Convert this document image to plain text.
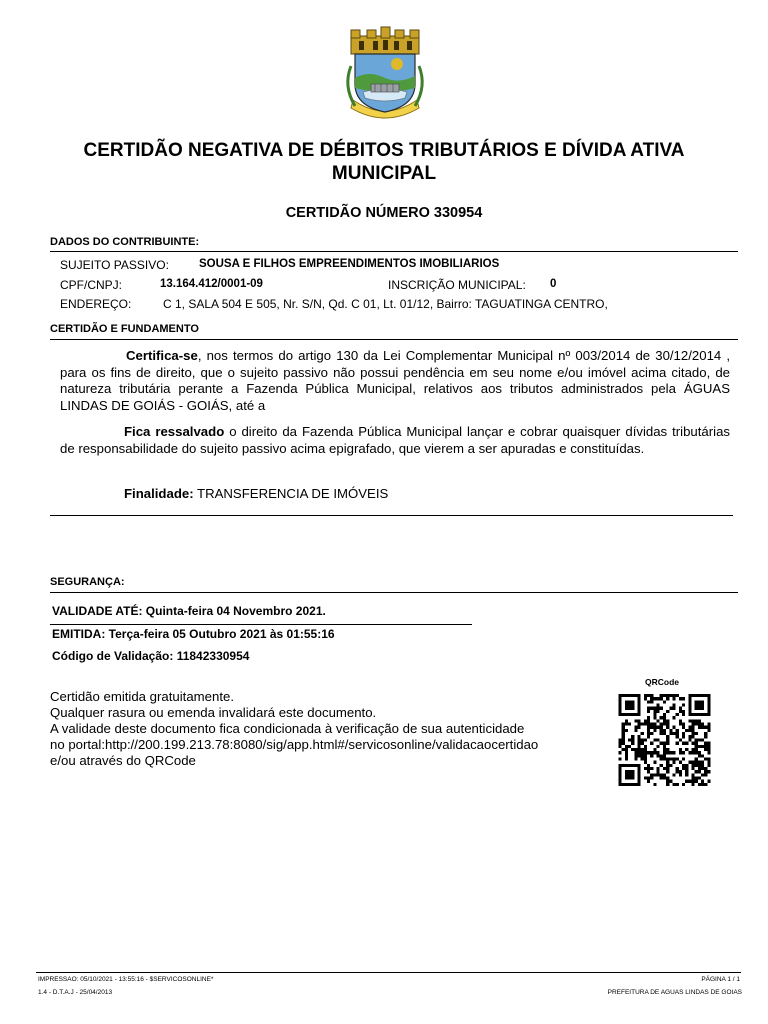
CERTIDÃO NEGATIVA DE DÉBITOS TRIBUTÁRIOS E DÍVIDA ATIVA MUNICIPAL
CERTIDÃO NÚMERO 330954
DADOS DO CONTRIBUINTE:
SUJEITO PASSIVO:	SOUSA E FILHOS EMPREENDIMENTOS IMOBILIARIOS
CPF/CNPJ:	13.164.412/0001-09	INSCRIÇÃO MUNICIPAL: 0
ENDEREÇO:	C 1, SALA 504 E 505, Nr. S/N, Qd. C 01, Lt. 01/12, Bairro: TAGUATINGA CENTRO,
CERTIDÃO E FUNDAMENTO
Certifica-se, nos termos do artigo 130 da Lei Complementar Municipal nº 003/2014 de 30/12/2014 , para os fins de direito, que o sujeito passivo não possui pendência em seu nome e/ou imóvel acima citado, de natureza tributária perante a Fazenda Pública Municipal, relativos aos tributos administrados pela ÁGUAS LINDAS DE GOIÁS - GOIÁS, até a
Fica ressalvado o direito da Fazenda Pública Municipal lançar e cobrar quaisquer dívidas tributárias de responsabilidade do sujeito passivo acima epigrafado, que vierem a ser apuradas e constituídas.
Finalidade: TRANSFERENCIA DE IMÓVEIS
SEGURANÇA:
VALIDADE ATÉ: Quinta-feira 04 Novembro 2021.
EMITIDA: Terça-feira 05 Outubro 2021 às 01:55:16
Código de Validação: 11842330954
Certidão emitida gratuitamente.
Qualquer rasura ou emenda invalidará este documento.
A validade deste documento fica condicionada à verificação de sua autenticidade
no portal:http://200.199.213.78:8080/sig/app.html#/servicosonline/validacaocertidao
e/ou através do QRCode
QRCode
IMPRESSAO: 05/10/2021 - 13:55:16 - $SERVICOSONLINE*	PÁGINA 1 / 1
1.4 - D.T.A.J - 25/04/2013	PREFEITURA DE AGUAS LINDAS DE GOIAS
